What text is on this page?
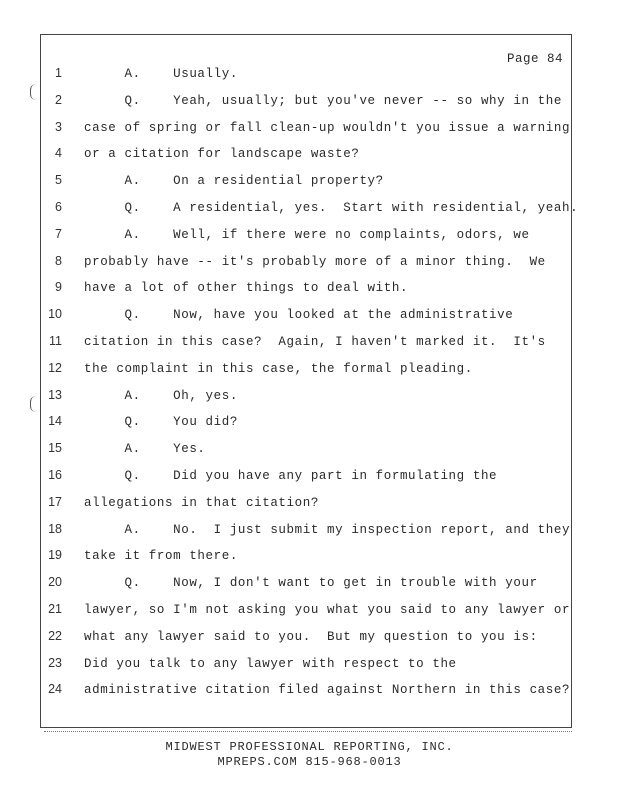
Page 84
1
2
3
4
5
6
7
8
9
10
11
12
13
14
15
16
17
18
19
20
21
22
23
24
A.    Usually.
Q.    Yeah, usually; but you've never -- so why in the
case of spring or fall clean-up wouldn't you issue a warning
or a citation for landscape waste?
A.    On a residential property?
Q.    A residential, yes.  Start with residential, yeah.
A.    Well, if there were no complaints, odors, we
probably have -- it's probably more of a minor thing.  We
have a lot of other things to deal with.
Q.    Now, have you looked at the administrative
citation in this case?  Again, I haven't marked it.  It's
the complaint in this case, the formal pleading.
A.    Oh, yes.
Q.    You did?
A.    Yes.
Q.    Did you have any part in formulating the
allegations in that citation?
A.    No.  I just submit my inspection report, and they
take it from there.
Q.    Now, I don't want to get in trouble with your
lawyer, so I'm not asking you what you said to any lawyer or
what any lawyer said to you.  But my question to you is:
Did you talk to any lawyer with respect to the
administrative citation filed against Northern in this case?
MIDWEST PROFESSIONAL REPORTING, INC.
MPREPS.COM 815-968-0013
